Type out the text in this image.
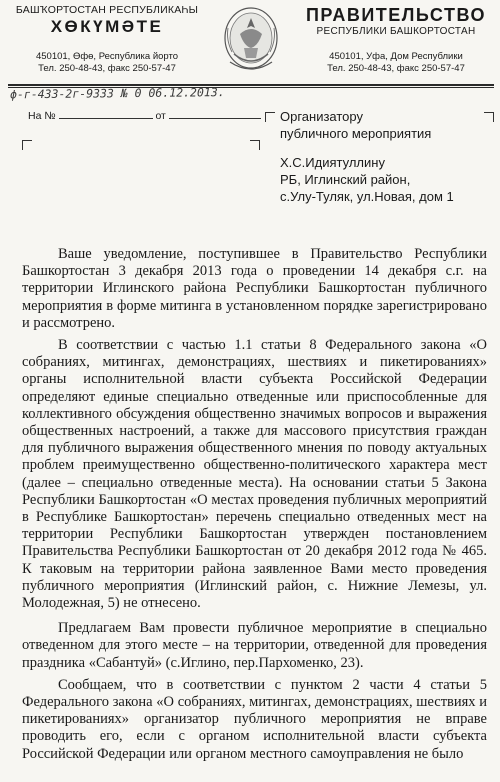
БАШҠОРТОСТАН РЕСПУБЛИКАҺЫ
ХӨКҮМӘТЕ
450101, Өфө, Республика йорто
Тел. 250-48-43, факс 250-57-47
ПРАВИТЕЛЬСТВО
РЕСПУБЛИКИ БАШКОРТОСТАН
450101, Уфа, Дом Республики
Тел. 250-48-43, факс 250-57-47
ϕ-г-433-2г-9333 № 0 06.12.2013.
На №	от	Организатору
публичного мероприятия
Х.С.Идиятуллину
РБ, Иглинский район,
с.Улу-Туляк, ул.Новая, дом 1

Ваше уведомление, поступившее в Правительство Республики Башкортостан 3 декабря 2013 года о проведении 14 декабря с.г. на территории Иглинского района Республики Башкортостан публичного мероприятия в форме митинга в установленном порядке зарегистрировано и рассмотрено.

В соответствии с частью 1.1 статьи 8 Федерального закона «О собраниях, митингах, демонстрациях, шествиях и пикетированиях» органы исполнительной власти субъекта Российской Федерации определяют единые специально отведенные или приспособленные для коллективного обсуждения общественно значимых вопросов и выражения общественных настроений, а также для массового присутствия граждан для публичного выражения общественного мнения по поводу актуальных проблем преимущественно общественно-политического характера мест (далее – специально отведенные места). На основании статьи 5 Закона Республики Башкортостан «О местах проведения публичных мероприятий в Республике Башкортостан» перечень специально отведенных мест на территории Республики Башкортостан утвержден постановлением Правительства Республики Башкортостан от 20 декабря 2012 года № 465. К таковым на территории района заявленное Вами место проведения публичного мероприятия (Иглинский район, с. Нижние Лемезы, ул. Молодежная, 5) не отнесено.

Предлагаем Вам провести публичное мероприятие в специально отведенном для этого месте – на территории, отведенной для проведения праздника «Сабантуй» (с.Иглино, пер.Пархоменко, 23).

Сообщаем, что в соответствии с пунктом 2 части 4 статьи 5 Федерального закона «О собраниях, митингах, демонстрациях, шествиях и пикетированиях» организатор публичного мероприятия не вправе проводить его, если с органом исполнительной власти субъекта Российской Федерации или органом местного самоуправления не было
